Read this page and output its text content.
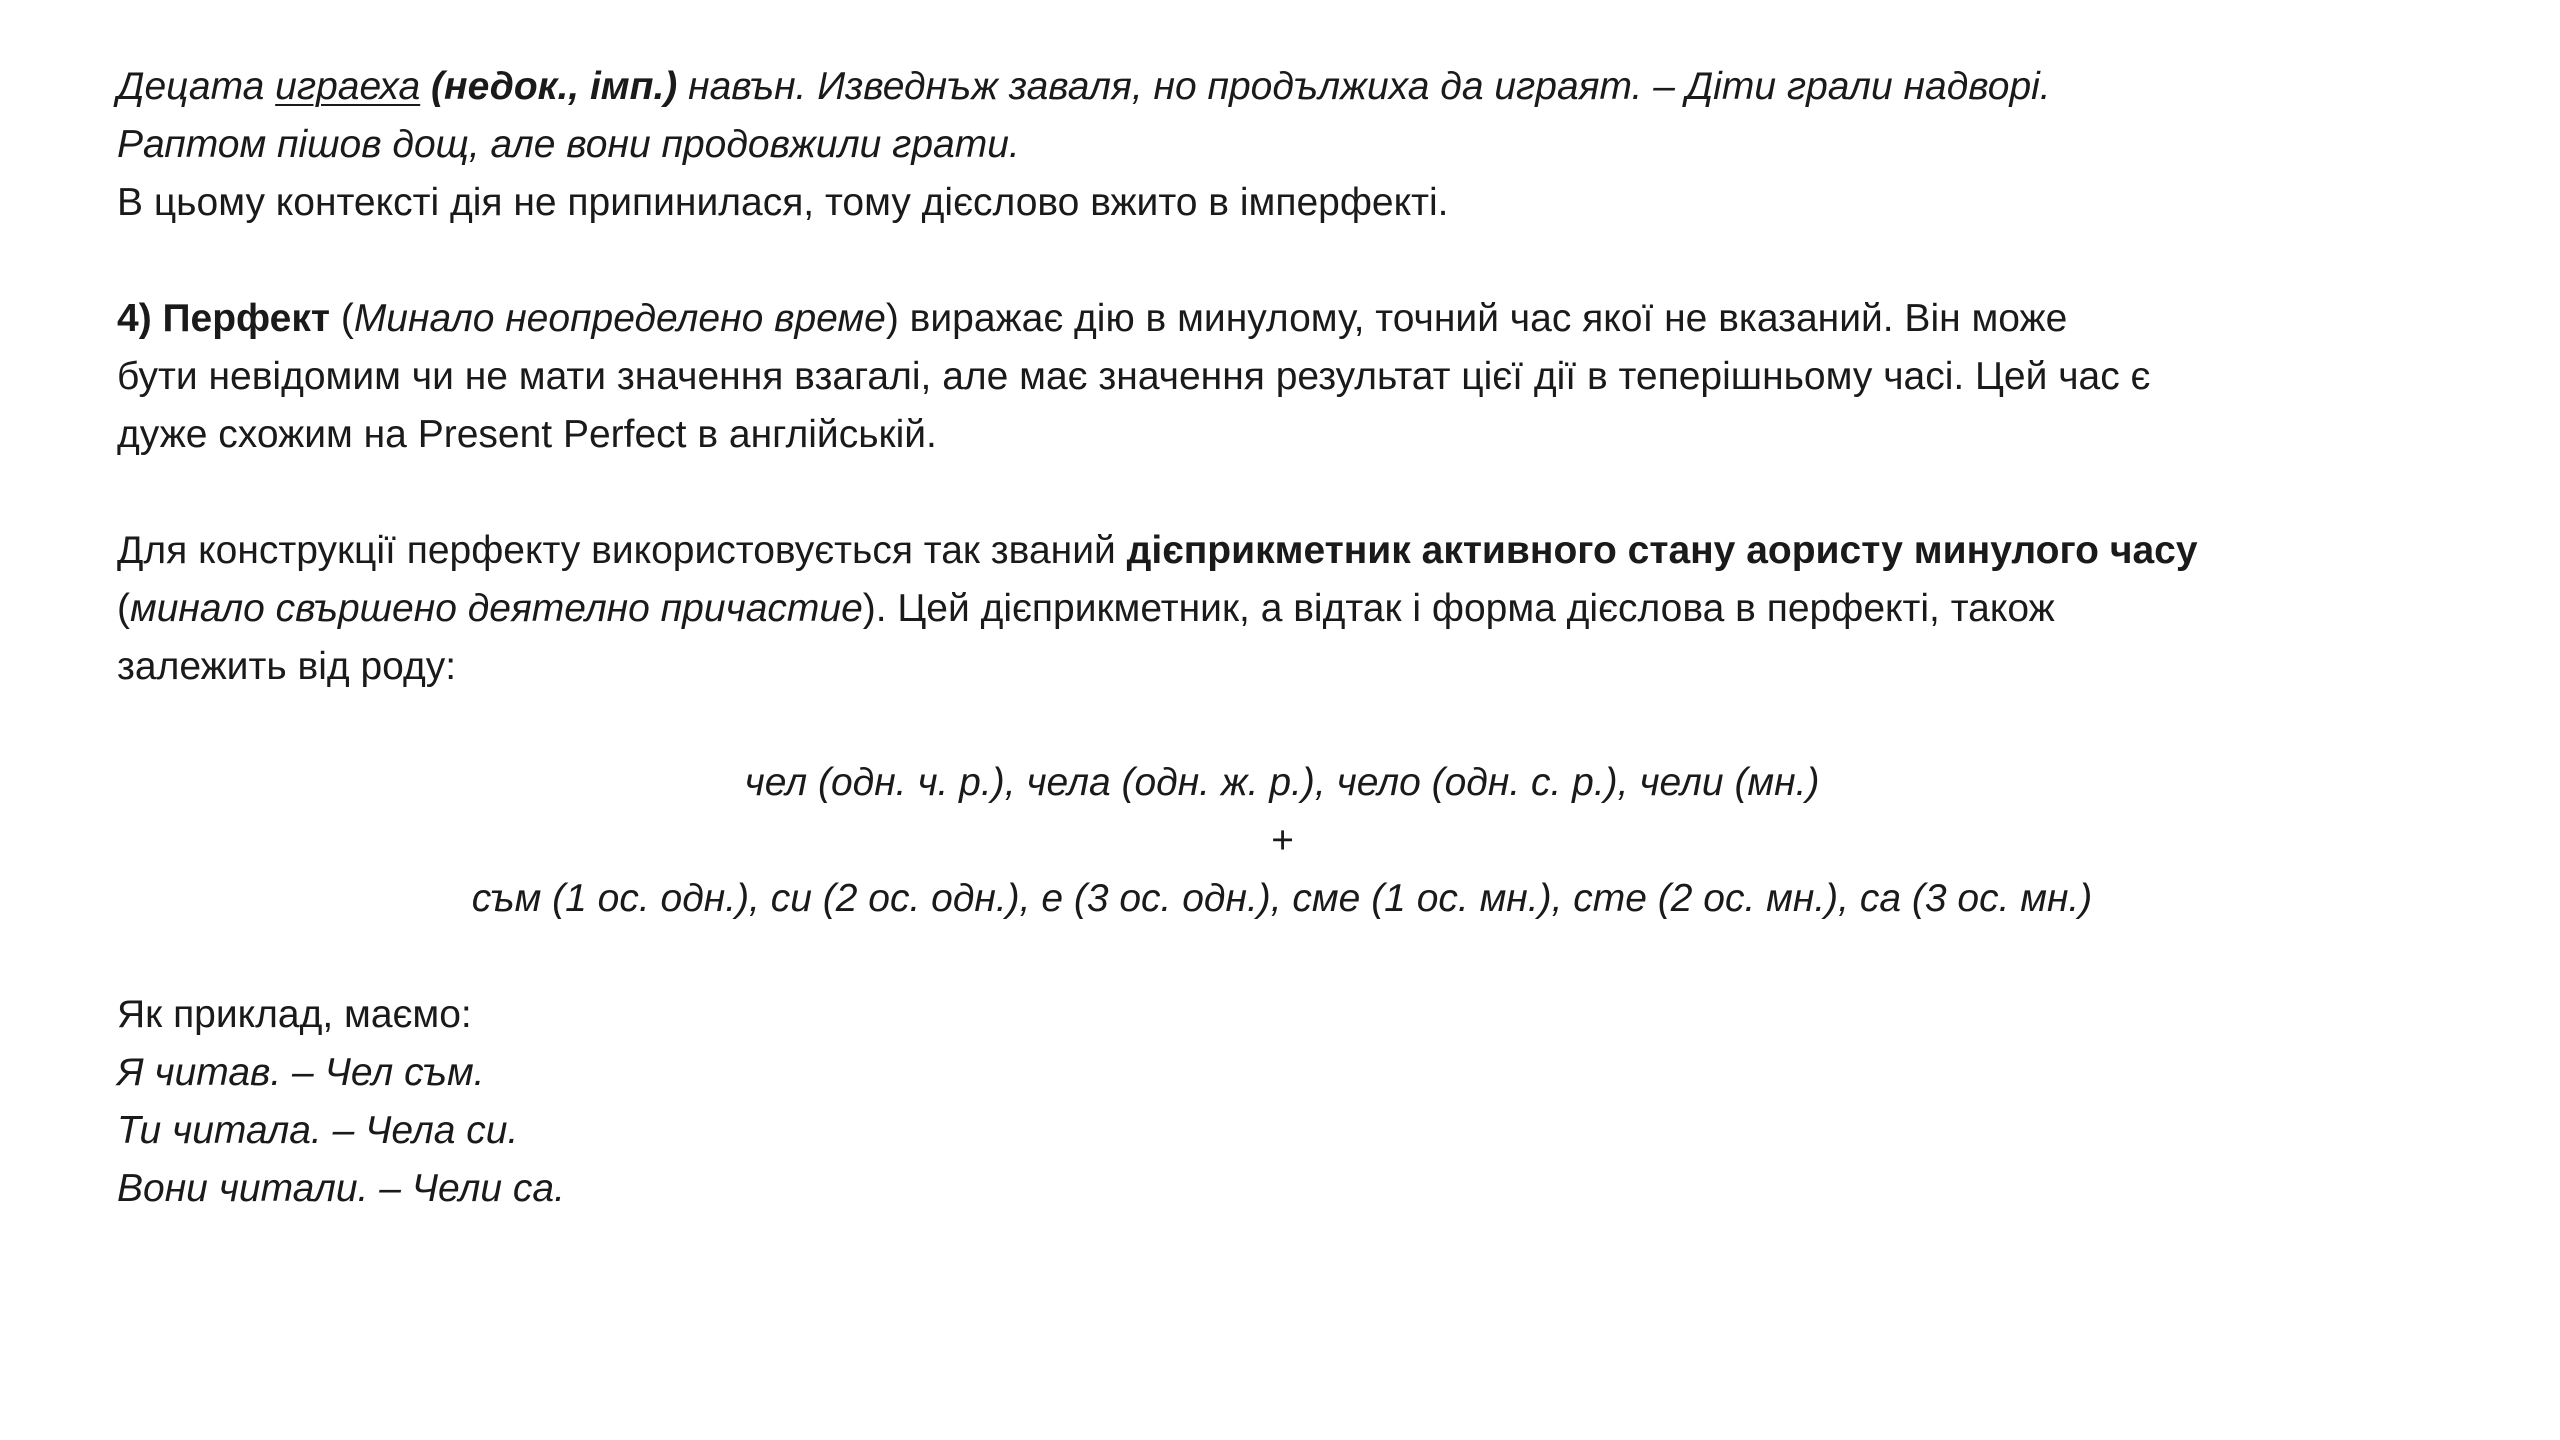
Децата играеха (недок., імп.) навън. Изведнъж заваля, но продължиха да играят. – Діти грали надворі.
Раптом пішов дощ, але вони продовжили грати.
В цьому контексті дія не припинилася, тому дієслово вжито в імперфекті.

4) Перфект (Минало неопределено време) виражає дію в минулому, точний час якої не вказаний. Він може
бути невідомим чи не мати значення взагалі, але має значення результат цієї дії в теперішньому часі. Цей час є
дуже схожим на Present Perfect в англійській.

Для конструкції перфекту використовується так званий дієприкметник активного стану аористу минулого часу
(минало свършено деятелно причастие). Цей дієприкметник, а відтак і форма дієслова в перфекті, також
залежить від роду:

чел (одн. ч. р.), чела (одн. ж. р.), чело (одн. с. р.), чели (мн.)
+
съм (1 ос. одн.), си (2 ос. одн.), е (3 ос. одн.), сме (1 ос. мн.), сте (2 ос. мн.), са (3 ос. мн.)
Як приклад, маємо:
Я читав. – Чел съм.
Ти читала. – Чела си.
Вони читали. – Чели са.
